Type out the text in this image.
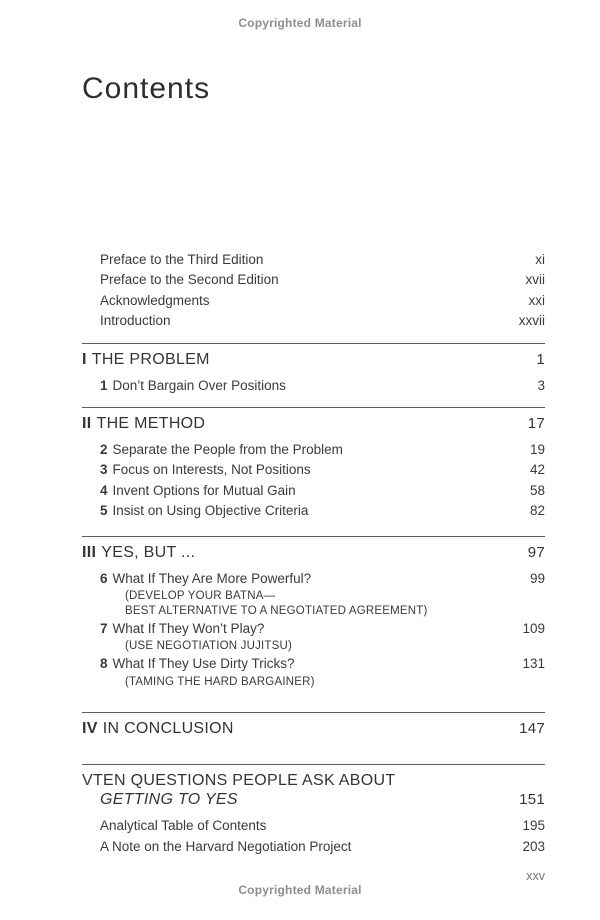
Copyrighted Material
Contents
Preface to the Third Edition	xi
Preface to the Second Edition	xvii
Acknowledgments	xxi
Introduction	xxvii
I THE PROBLEM	1
1 Don’t Bargain Over Positions	3
II THE METHOD	17
2 Separate the People from the Problem	19
3 Focus on Interests, Not Positions	42
4 Invent Options for Mutual Gain	58
5 Insist on Using Objective Criteria	82
III YES, BUT ...	97
6 What If They Are More Powerful?	99
(DEVELOP YOUR BATNA—
BEST ALTERNATIVE TO A NEGOTIATED AGREEMENT)
7 What If They Won’t Play?	109
(USE NEGOTIATION JUJITSU)
8 What If They Use Dirty Tricks?	131
(TAMING THE HARD BARGAINER)
IV IN CONCLUSION	147
VTEN QUESTIONS PEOPLE ASK ABOUT
GETTING TO YES	151
Analytical Table of Contents	195
A Note on the Harvard Negotiation Project	203
xxv
Copyrighted Material
